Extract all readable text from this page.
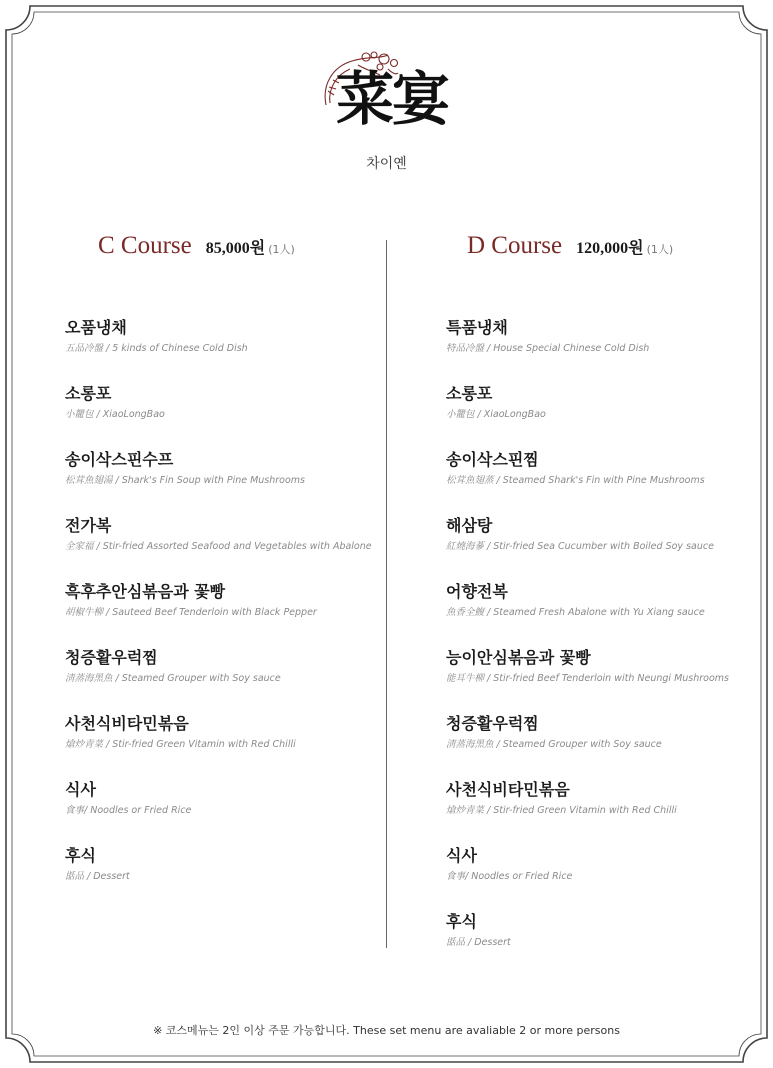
菜宴
차이옌
C Course 85,000원 (1人)	D Course 120,000원 (1人)
오품냉채
五品冷盤 / 5 kinds of Chinese Cold Dish
소롱포
小籠包 / XiaoLongBao
송이삭스핀수프
松茸魚翅湯 / Shark's Fin Soup with Pine Mushrooms
전가복
全家福 / Stir-fried Assorted Seafood and Vegetables with Abalone
흑후추안심볶음과 꽃빵
胡椒牛柳 / Sauteed Beef Tenderloin with Black Pepper
청증활우럭찜
淸蒸海黑魚 / Steamed Grouper with Soy sauce
사천식비타민볶음
熗炒青菜 / Stir-fried Green Vitamin with Red Chilli
식사
食事/ Noodles or Fried Rice
후식
甛品 / Dessert
특품냉채
特品冷盤 / House Special Chinese Cold Dish
소롱포
小籠包 / XiaoLongBao
송이삭스핀찜
松茸魚翅蒸 / Steamed Shark's Fin with Pine Mushrooms
해삼탕
紅燒海蔘 / Stir-fried Sea Cucumber with Boiled Soy sauce
어향전복
魚香全鰒 / Steamed Fresh Abalone with Yu Xiang sauce
능이안심볶음과 꽃빵
能耳牛柳 / Stir-fried Beef Tenderloin with Neungi Mushrooms
청증활우럭찜
淸蒸海黑魚 / Steamed Grouper with Soy sauce
사천식비타민볶음
熗炒青菜 / Stir-fried Green Vitamin with Red Chilli
식사
食事/ Noodles or Fried Rice
후식
甛品 / Dessert
※ 코스메뉴는 2인 이상 주문 가능합니다. These set menu are avaliable 2 or more persons
